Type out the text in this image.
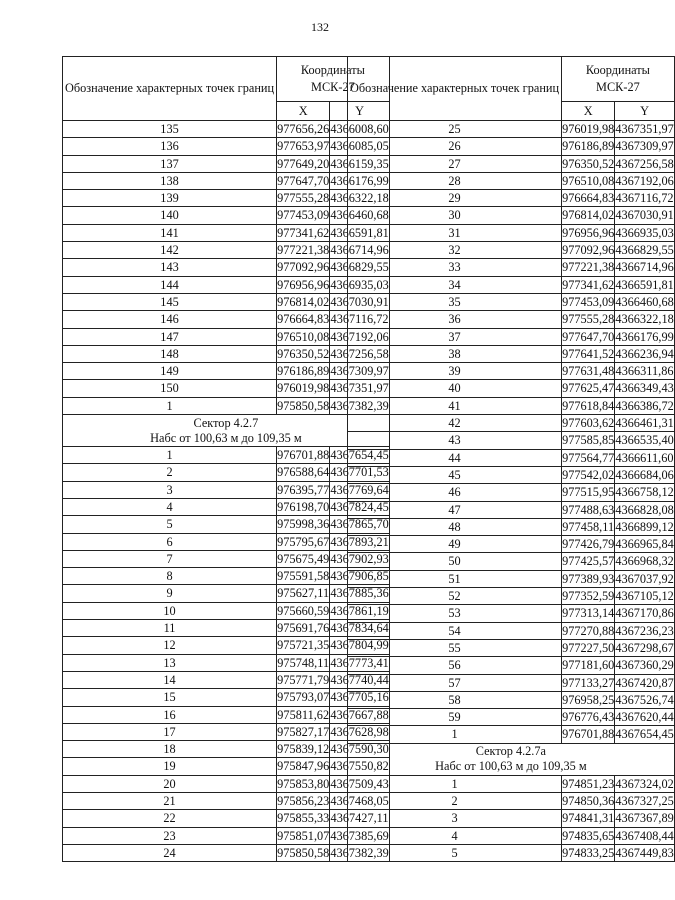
132
Обозначение характерных точек границ	Координаты
МСК-27	
	X	Y
135	977656,26	4366008,60
136	977653,97	4366085,05
137	977649,20	4366159,35
138	977647,70	4366176,99
139	977555,28	4366322,18
140	977453,09	4366460,68
141	977341,62	4366591,81
142	977221,38	4366714,96
143	977092,96	4366829,55
144	976956,96	4366935,03
145	976814,02	4367030,91
146	976664,83	4367116,72
147	976510,08	4367192,06
148	976350,52	4367256,58
149	976186,89	4367309,97
150	976019,98	4367351,97
1	975850,58	4367382,39

Сектор 4.2.7
Набс от 100,63 м до 109,35 м		

1	976701,88	4367654,45
2	976588,64	4367701,53
3	976395,77	4367769,64
4	976198,70	4367824,45
5	975998,36	4367865,70
6	975795,67	4367893,21
7	975675,49	4367902,93
8	975591,58	4367906,85
9	975627,11	4367885,36
10	975660,59	4367861,19
11	975691,76	4367834,64
12	975721,35	4367804,99
13	975748,11	4367773,41
14	975771,79	4367740,44
15	975793,07	4367705,16
16	975811,62	4367667,88
17	975827,17	4367628,98
18	975839,12	4367590,30
19	975847,96	4367550,82
20	975853,80	4367509,43
21	975856,23	4367468,05
22	975855,33	4367427,11
23	975851,07	4367385,69
24	975850,58	4367382,39
Обозначение характерных точек границ	Координаты
МСК-27	
	X	Y
25	976019,98	4367351,97
26	976186,89	4367309,97
27	976350,52	4367256,58
28	976510,08	4367192,06
29	976664,83	4367116,72
30	976814,02	4367030,91
31	976956,96	4366935,03
32	977092,96	4366829,55
33	977221,38	4366714,96
34	977341,62	4366591,81
35	977453,09	4366460,68
36	977555,28	4366322,18
37	977647,70	4366176,99
38	977641,52	4366236,94
39	977631,48	4366311,86
40	977625,47	4366349,43
41	977618,84	4366386,72
42	977603,62	4366461,31
43	977585,85	4366535,40
44	977564,77	4366611,60
45	977542,02	4366684,06
46	977515,95	4366758,12
47	977488,63	4366828,08
48	977458,11	4366899,12
49	977426,79	4366965,84
50	977425,57	4366968,32
51	977389,93	4367037,92
52	977352,59	4367105,12
53	977313,14	4367170,86
54	977270,88	4367236,23
55	977227,50	4367298,67
56	977181,60	4367360,29
57	977133,27	4367420,87
58	976958,25	4367526,74
59	976776,43	4367620,44
1	976701,88	4367654,45

Сектор 4.2.7а
Набс от 100,63 м до 109,35 м		

1	974851,23	4367324,02
2	974850,36	4367327,25
3	974841,31	4367367,89
4	974835,65	4367408,44
5	974833,25	4367449,83
